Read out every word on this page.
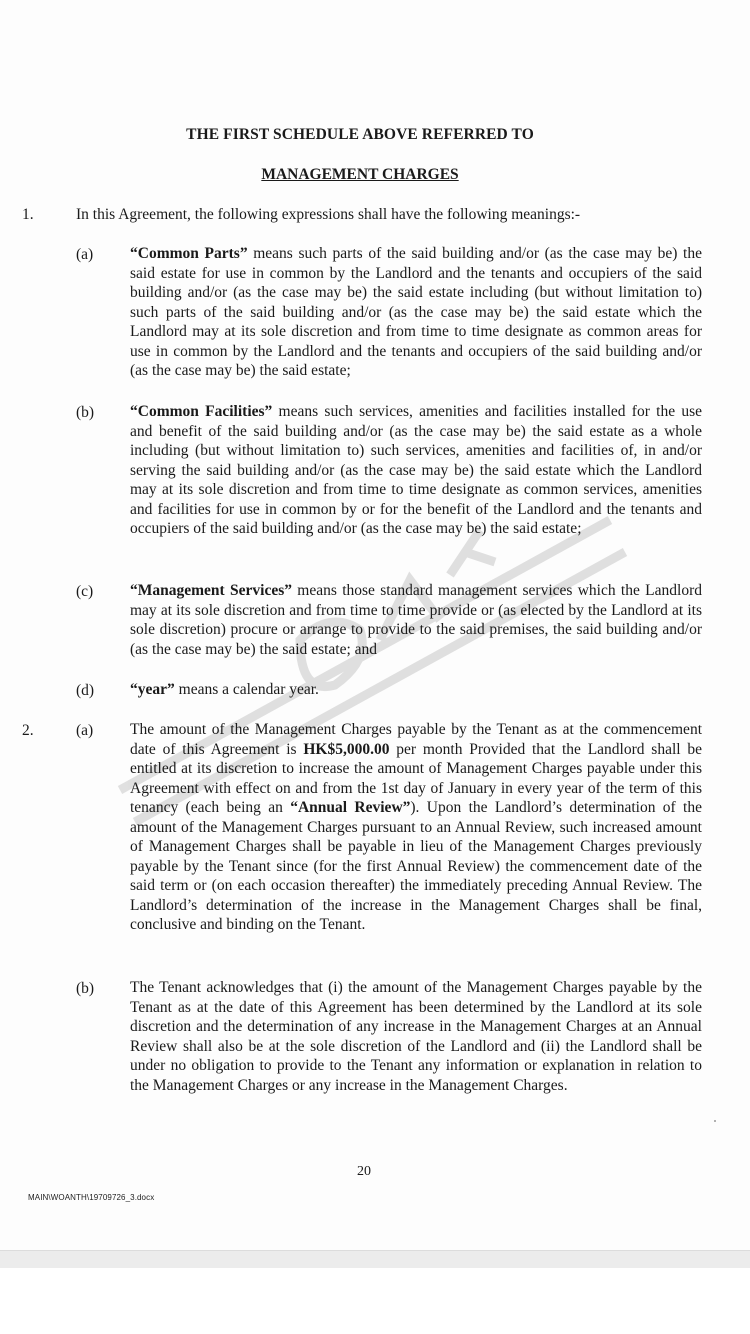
THE FIRST SCHEDULE ABOVE REFERRED TO
MANAGEMENT CHARGES
1.	In this Agreement, the following expressions shall have the following meanings:-
(a) “Common Parts” means such parts of the said building and/or (as the case may be) the said estate for use in common by the Landlord and the tenants and occupiers of the said building and/or (as the case may be) the said estate including (but without limitation to) such parts of the said building and/or (as the case may be) the said estate which the Landlord may at its sole discretion and from time to time designate as common areas for use in common by the Landlord and the tenants and occupiers of the said building and/or (as the case may be) the said estate;
(b) “Common Facilities” means such services, amenities and facilities installed for the use and benefit of the said building and/or (as the case may be) the said estate as a whole including (but without limitation to) such services, amenities and facilities of, in and/or serving the said building and/or (as the case may be) the said estate which the Landlord may at its sole discretion and from time to time designate as common services, amenities and facilities for use in common by or for the benefit of the Landlord and the tenants and occupiers of the said building and/or (as the case may be) the said estate;
(c) “Management Services” means those standard management services which the Landlord may at its sole discretion and from time to time provide or (as elected by the Landlord at its sole discretion) procure or arrange to provide to the said premises, the said building and/or (as the case may be) the said estate; and
(d) “year” means a calendar year.
2.	(a) The amount of the Management Charges payable by the Tenant as at the commencement date of this Agreement is HK$5,000.00 per month Provided that the Landlord shall be entitled at its discretion to increase the amount of Management Charges payable under this Agreement with effect on and from the 1st day of January in every year of the term of this tenancy (each being an “Annual Review”). Upon the Landlord’s determination of the amount of the Management Charges pursuant to an Annual Review, such increased amount of Management Charges shall be payable in lieu of the Management Charges previously payable by the Tenant since (for the first Annual Review) the commencement date of the said term or (on each occasion thereafter) the immediately preceding Annual Review. The Landlord’s determination of the increase in the Management Charges shall be final, conclusive and binding on the Tenant.
(b) The Tenant acknowledges that (i) the amount of the Management Charges payable by the Tenant as at the date of this Agreement has been determined by the Landlord at its sole discretion and the determination of any increase in the Management Charges at an Annual Review shall also be at the sole discretion of the Landlord and (ii) the Landlord shall be under no obligation to provide to the Tenant any information or explanation in relation to the Management Charges or any increase in the Management Charges.
20
MAIN\WOANTH\19709726_3.docx
